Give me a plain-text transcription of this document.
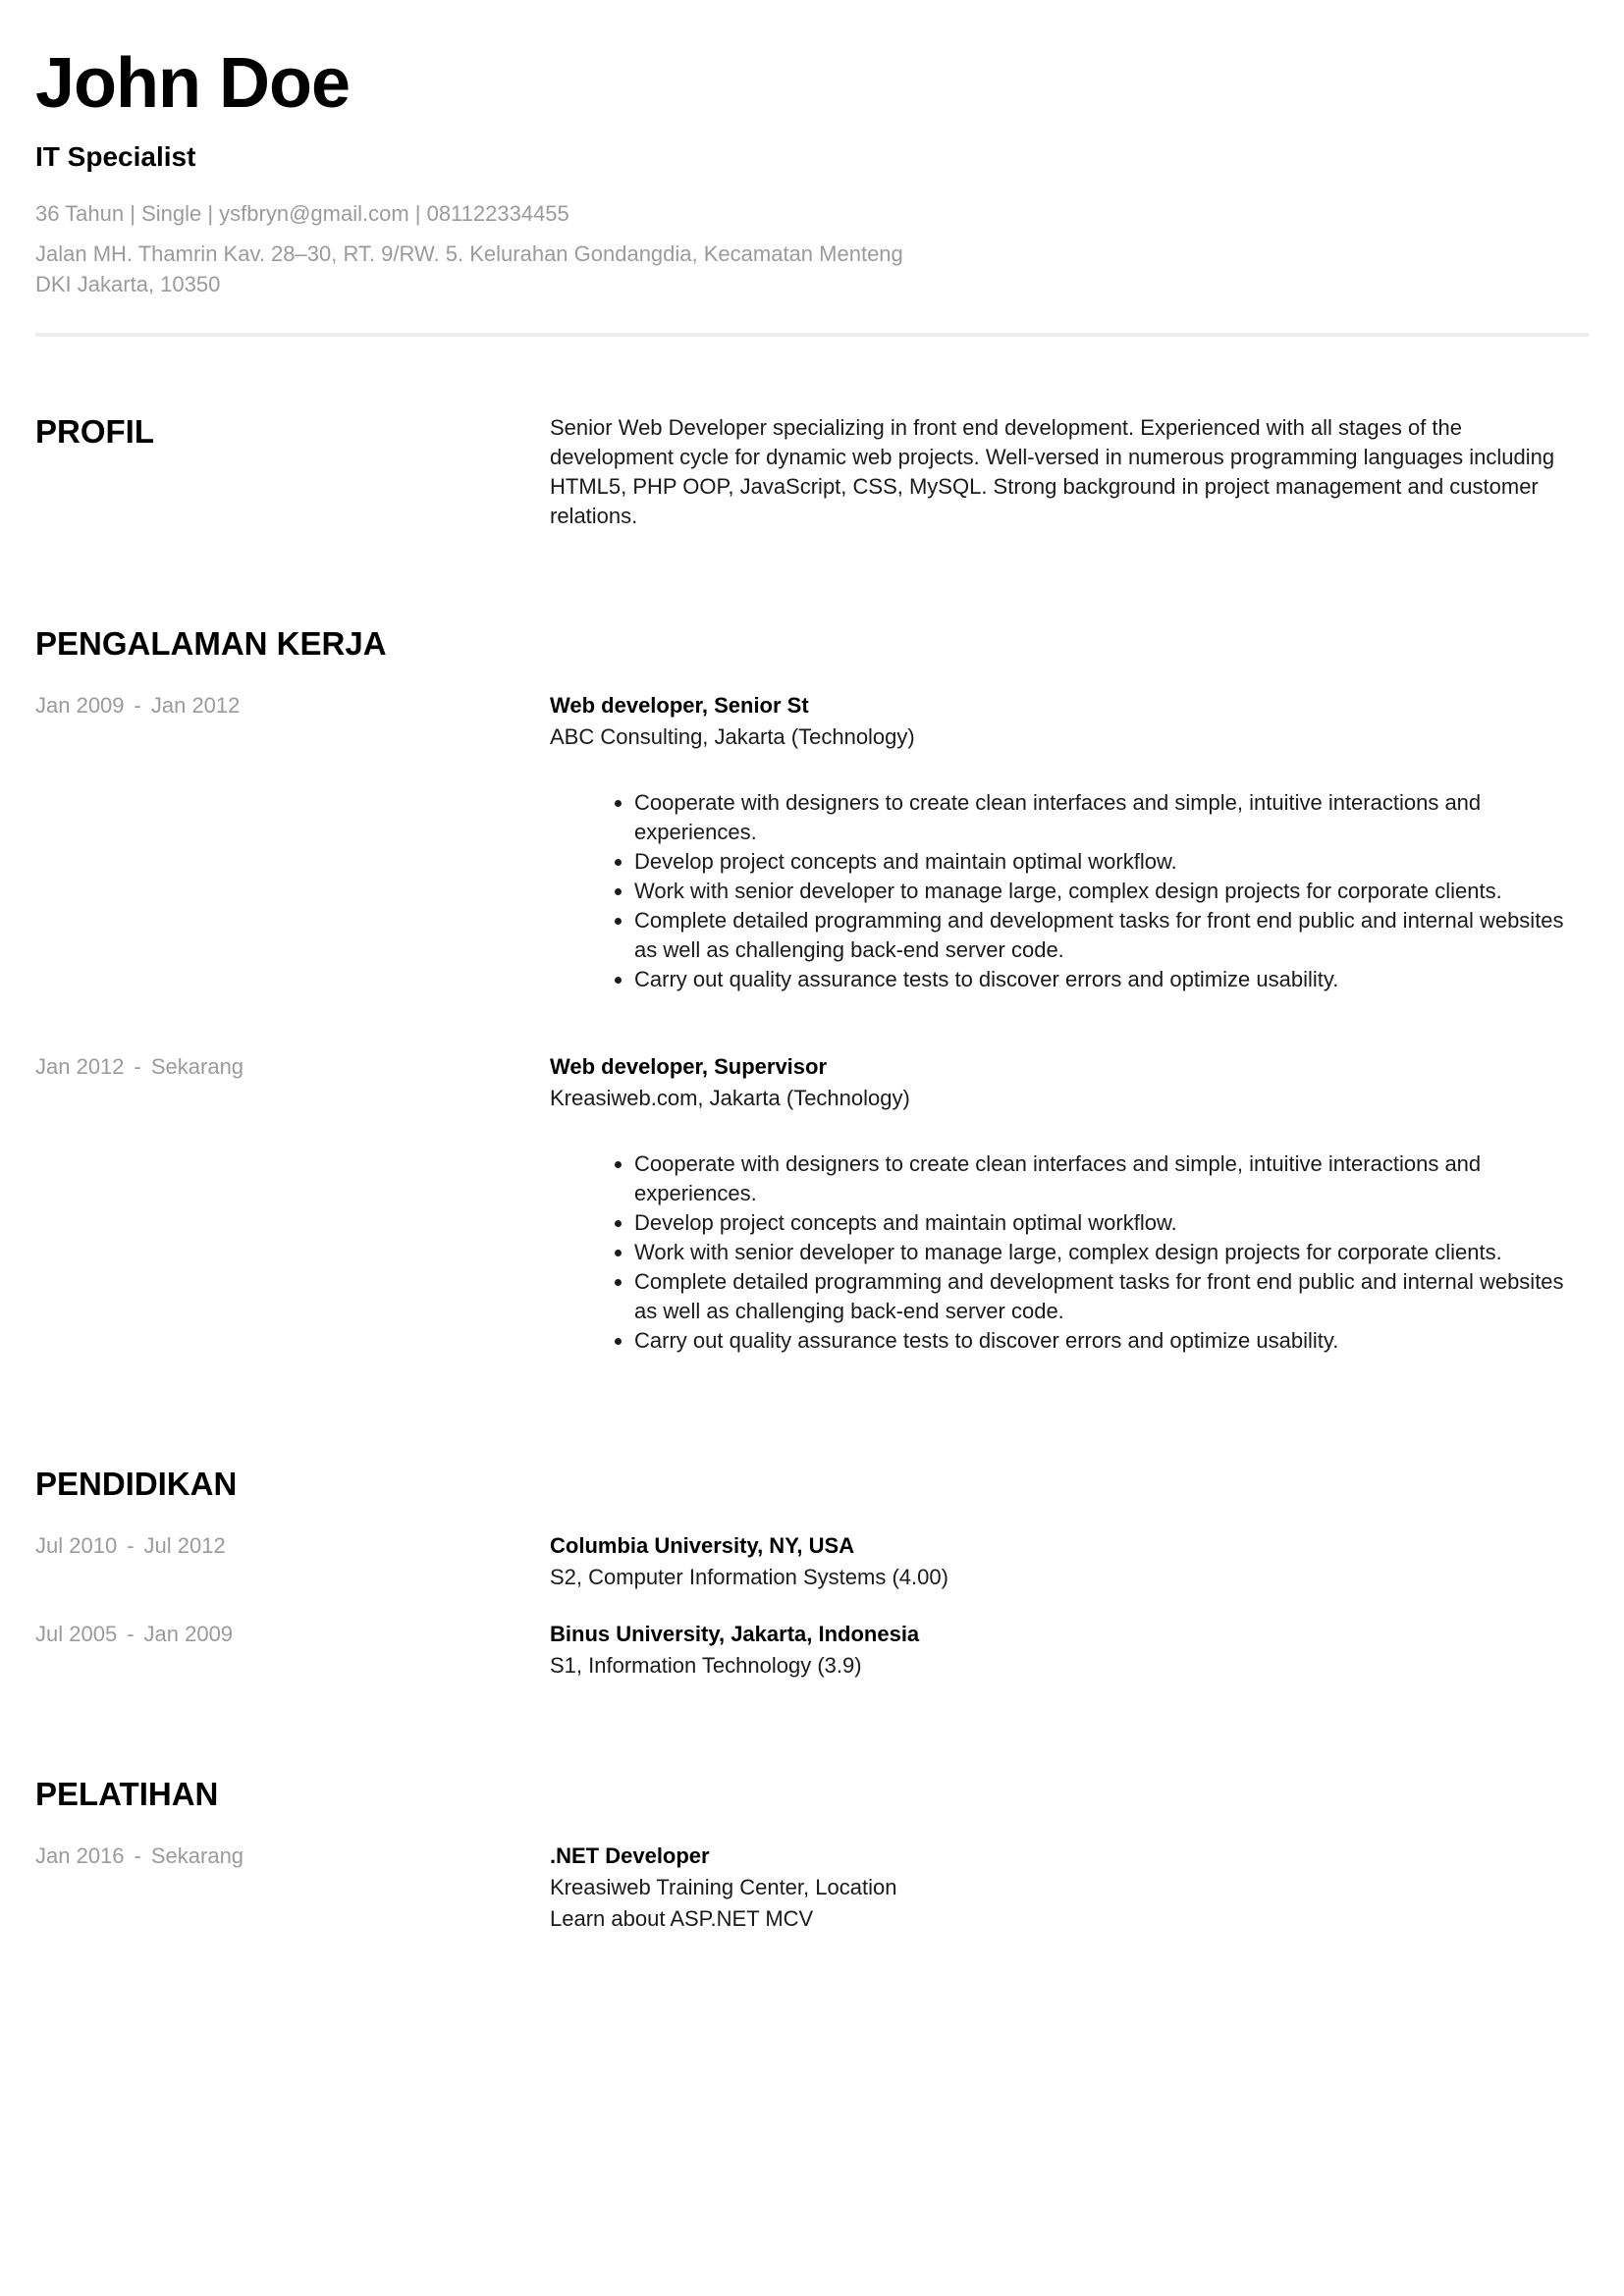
John Doe
IT Specialist

36 Tahun | Single | ysfbryn@gmail.com | 081122334455

Jalan MH. Thamrin Kav. 28–30, RT. 9/RW. 5. Kelurahan Gondangdia, Kecamatan Menteng

DKI Jakarta, 10350

PROFIL	Senior Web Developer specializing in front end development. Experienced with all stages of the development cycle for dynamic web projects. Well-versed in numerous programming languages including HTML5, PHP OOP, JavaScript, CSS, MySQL. Strong background in project management and customer relations.

PENGALAMAN KERJA
Jan 2009 - Jan 2012	Web developer, Senior St

ABC Consulting, Jakarta (Technology)

• Cooperate with designers to create clean interfaces and simple, intuitive interactions and experiences.
• Develop project concepts and maintain optimal workflow.
• Work with senior developer to manage large, complex design projects for corporate clients.
• Complete detailed programming and development tasks for front end public and internal websites as well as challenging back-end server code.
• Carry out quality assurance tests to discover errors and optimize usability.
Jan 2012 - Sekarang	Web developer, Supervisor

Kreasiweb.com, Jakarta (Technology)

• Cooperate with designers to create clean interfaces and simple, intuitive interactions and experiences.
• Develop project concepts and maintain optimal workflow.
• Work with senior developer to manage large, complex design projects for corporate clients.
• Complete detailed programming and development tasks for front end public and internal websites as well as challenging back-end server code.
• Carry out quality assurance tests to discover errors and optimize usability.
PENDIDIKAN
Jul 2010 - Jul 2012	Columbia University, NY, USA

S2, Computer Information Systems (4.00)

Jul 2005 - Jan 2009	Binus University, Jakarta, Indonesia

S1, Information Technology (3.9)

PELATIHAN
Jan 2016 - Sekarang	.NET Developer

Kreasiweb Training Center, Location

Learn about ASP.NET MCV
